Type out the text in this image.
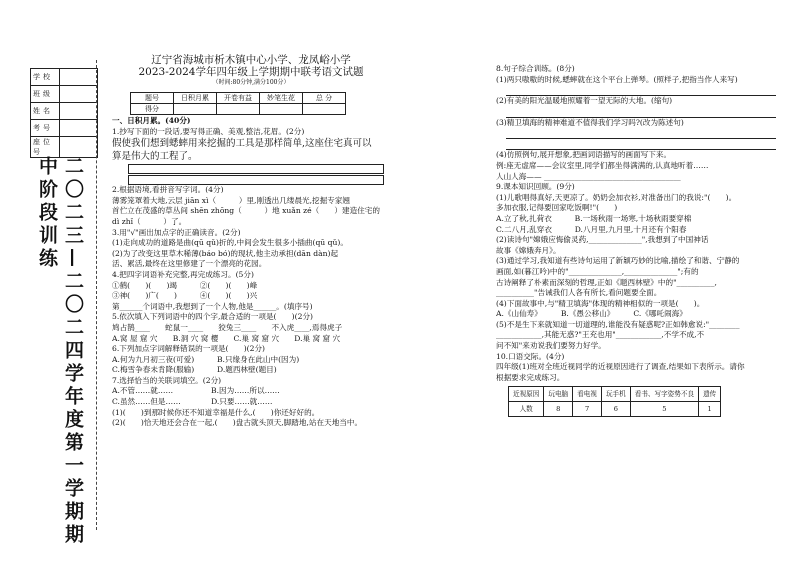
学校	
班级	
姓名	
考号	
座位号	
二〇二三—二〇二四学年度第一学期期中阶段训练
辽宁省海城市析木镇中心小学、龙凤峪小学
2023-2024学年四年级上学期期中联考语文试题
（时间:80分钟,满分100分）
题号	日积月累	开卷有益	妙笔生花	总 分
得分				

一、日积月累。(40分)

1.抄写下面的一段话,要写得正确、美观,整洁,花眉。(2分)

假使我们想到蟋蟀用来挖掘的工具是那样简单,这座住宅真可以

算是伟大的工程了。

2.根据语境,看拼音写字词。(4分)

薄雾笼罩着大地,云层 jiān xì（　　　）里,刚透出几缕晨光,挖掘专家翘

首伫立在茂盛的草丛间 shēn zhōng（　　　）地 xuǎn zé（　　）建造住宅的

dì zhǐ（　　　）了。

3.用"√"画出加点字的正确读音。(2分)

(1)走向成功的道路是曲(qū qǔ)折的,中间会发生很多小插曲(qū qǔ)。

(2)为了改变这里草木稀薄(báo bó)的现状,他主动承担(dān dàn)起

活、累活,最终在这里修建了一个漂亮的花园。

4.把四字词语补充完整,再完成练习。(5分)

①鹤(　　)(　　)竭　　　②(　　)(　　)峰

③神(　　)广(　　)　　　④(　　)(　　)兴

第______个词语中,我想到了一个人物,他是______。(填序号)

5.依次填入下列词语中的四个字,最合适的一项是(　　)(2分)

鸠占鹊____　　蛇鼠一____　　狡兔三____　　不入虎____,焉得虎子

A.窝 屋 窟 穴　　B.洞 穴 窝 樱　　C.巢 窝 窟 穴　　D.巢 窝 窟 穴

6.下列加点字词解释错误的一项是(　　)(2分)

A.何为九月初三夜(可爱)　　　B.只缘身在此山中(因为)

C.梅雪争春未肯降(服输)　　　D.题西林壁(题目)

7.选择恰当的关联词填空。(2分)

A.不管……就……　　　　　B.因为……所以……

C.虽然……但是……　　　　D.只要……就……

(1)(　　)到那时候你还不知道幸福是什么,(　　)你还好好的。

(2)(　　)恰天地还会合在一起,(　　)盘古就头顶天,脚踏地,站在天地当中。

8.句子综合训练。(8分)

(1)两只嗷嗷的时候,蟋蟀就在这个平台上弹琴。(照样子,把指当作人来写)

(2)有美的阳光温暖地照耀着一望无际的大地。(缩句)

(3)精卫填海的精神难道不值得我们学习吗?(改为陈述句)

(4)仿照例句,展开想象,把画词语描写的画面写下来。

例:座无虚席——会议室里,同学们都坐得满满的,认真地听着……

人山人海—— ____________________________________

9.课本知识回顾。(9分)

(1)儿歌唱得真好,天更凉了。奶奶会加衣衫,对准备出门的我说:"(　　)。

多加衣服,记得要回家吃饭啊!"(　　)

A.立了秋,扎荷衣　　　B.一场秋雨一场寒,十场秋雨要穿棉

C.二八月,乱穿衣　　　D.八月里,九月里,十月还有个阳春

(2)读诗句"嫦娥应悔偷灵药,______________",我想到了中国神话

故事《嫦娥奔月》。

(3)通过学习,我知道有些诗句运用了新颖巧妙的比喻,描绘了和谐、宁静的

画面,如(暮江吟)中的"______________,______________";有的

古诗阐释了朴素而深刻的哲理,正如《题西林壁》中的"__________,

__________"告诫我们人各有所长,看问题要全面。

(4)下面故事中,与"精卫填海"体现的精神相似的一项是(　　)。

A.《山仙寿》　　　B.《愚公移山》　　　C.《哪吒闹海》

(5)不是生下来就知道一切道理的,谁能没有疑惑呢?正如韩愈说:"________

____________,其能无惑?"王充也用"____________,不学不成,不

问不知"来劝说我们要努力好学。

10.口语交际。(4分)

四年级(1)班对全班近视同学的近视原因进行了调查,结果如下表所示。请你

根据要求完成练习。

近视原因	玩电脑	看电视	玩手机	看书、写字姿势不良	遗传
人数	8	7	6	5	1
